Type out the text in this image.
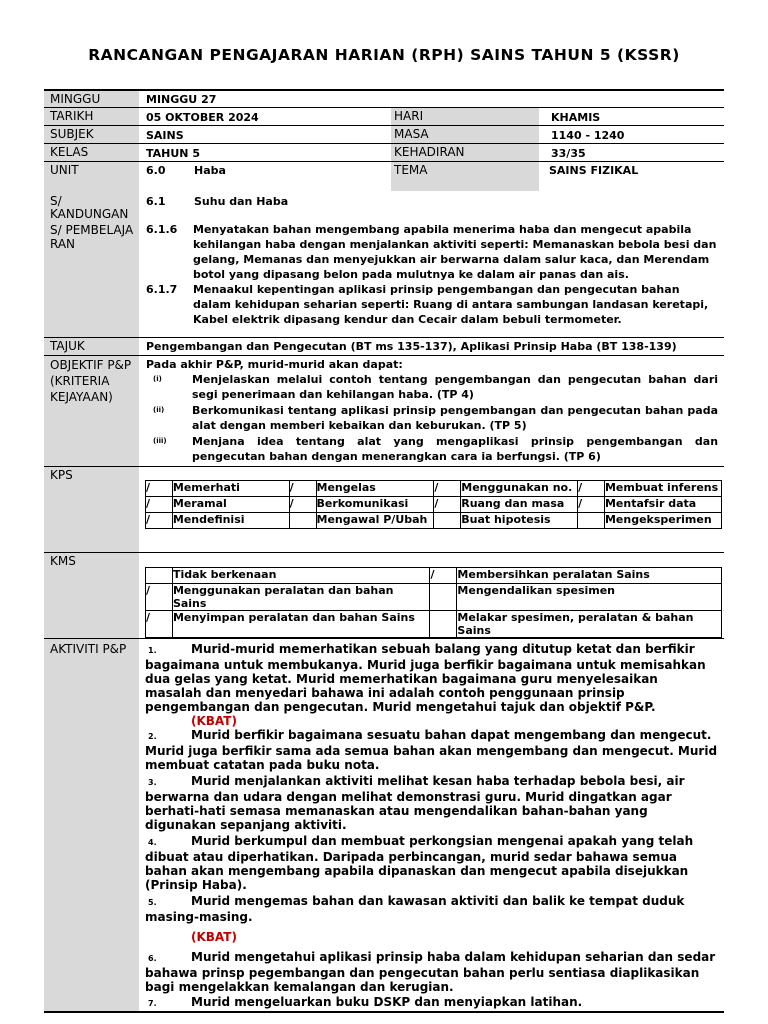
RANCANGAN PENGAJARAN HARIAN (RPH) SAINS TAHUN 5 (KSSR)
MINGGU	MINGGU 27
TARIKH	05 OKTOBER 2024	HARI	KHAMIS
SUBJEK	SAINS	MASA	1140 - 1240
KELAS	TAHUN 5	KEHADIRAN	33/35
UNIT	6.0	Haba	TEMA	SAINS FIZIKAL
S/ KANDUNGAN	6.1	Suhu dan Haba
S/ PEMBELAJARAN	
6.1.6	Menyatakan bahan mengembang apabila menerima haba dan mengecut apabila kehilangan haba dengan menjalankan aktiviti seperti: Memanaskan bebola besi dan gelang, Memanas dan menyejukkan air berwarna dalam salur kaca, dan Merendam botol yang dipasang belon pada mulutnya ke dalam air panas dan ais.
6.1.7	Menaakul kepentingan aplikasi prinsip pengembangan dan pengecutan bahan dalam kehidupan seharian seperti: Ruang di antara sambungan landasan keretapi, Kabel elektrik dipasang kendur dan Cecair dalam bebuli termometer.

TAJUK	Pengembangan dan Pengecutan (BT ms 135-137), Aplikasi Prinsip Haba (BT 138-139)
OBJEKTIF P&P (KRITERIA KEJAYAAN)	
Pada akhir P&P, murid-murid akan dapat:
(i)	Menjelaskan melalui contoh tentang pengembangan dan pengecutan bahan dari segi penerimaan dan kehilangan haba. (TP 4)
(ii)	Berkomunikasi tentang aplikasi prinsip pengembangan dan pengecutan bahan pada alat dengan memberi kebaikan dan keburukan. (TP 5)
(iii)	Menjana idea tentang alat yang mengaplikasi prinsip pengembangan dan pengecutan bahan dengan menerangkan cara ia berfungsi. (TP 6)

KPS	
/	Memerhati	/	Mengelas	/	Menggunakan no.	/	Membuat inferens
/	Meramal	/	Berkomunikasi	/	Ruang dan masa	/	Mentafsir data
/	Mendefinisi		Mengawal P/Ubah		Buat hipotesis		Mengeksperimen

KMS	
	Tidak berkenaan	/	Membersihkan peralatan Sains
/	Menggunakan peralatan dan bahan Sains		Mengendalikan spesimen
/	Menyimpan peralatan dan bahan Sains		Melakar spesimen, peralatan & bahan Sains

AKTIVITI P&P	1.	Murid-murid memerhatikan sebuah balang yang ditutup ketat dan berfikir bagaimana untuk membukanya. Murid juga berfikir bagaimana untuk memisahkan dua gelas yang ketat. Murid memerhatikan bagaimana guru menyelesaikan masalah dan menyedari bahawa ini adalah contoh penggunaan prinsip pengembangan dan pengecutan. Murid mengetahui tajuk dan objektif P&P.
(KBAT)
2.	Murid berfikir bagaimana sesuatu bahan dapat mengembang dan mengecut. Murid juga berfikir sama ada semua bahan akan mengembang dan mengecut. Murid membuat catatan pada buku nota.
3.	Murid menjalankan aktiviti melihat kesan haba terhadap bebola besi, air berwarna dan udara dengan melihat demonstrasi guru. Murid dingatkan agar berhati-hati semasa memanaskan atau mengendalikan bahan-bahan yang digunakan sepanjang aktiviti.
4.	Murid berkumpul dan membuat perkongsian mengenai apakah yang telah dibuat atau diperhatikan. Daripada perbincangan, murid sedar bahawa semua bahan akan mengembang apabila dipanaskan dan mengecut apabila disejukkan (Prinsip Haba).
5.	Murid mengemas bahan dan kawasan aktiviti dan balik ke tempat duduk masing-masing.
(KBAT)
6.	Murid mengetahui aplikasi prinsip haba dalam kehidupan seharian dan sedar bahawa prinsp pegembangan dan pengecutan bahan perlu sentiasa diaplikasikan bagi mengelakkan kemalangan dan kerugian.
7.	Murid mengeluarkan buku DSKP dan menyiapkan latihan.
